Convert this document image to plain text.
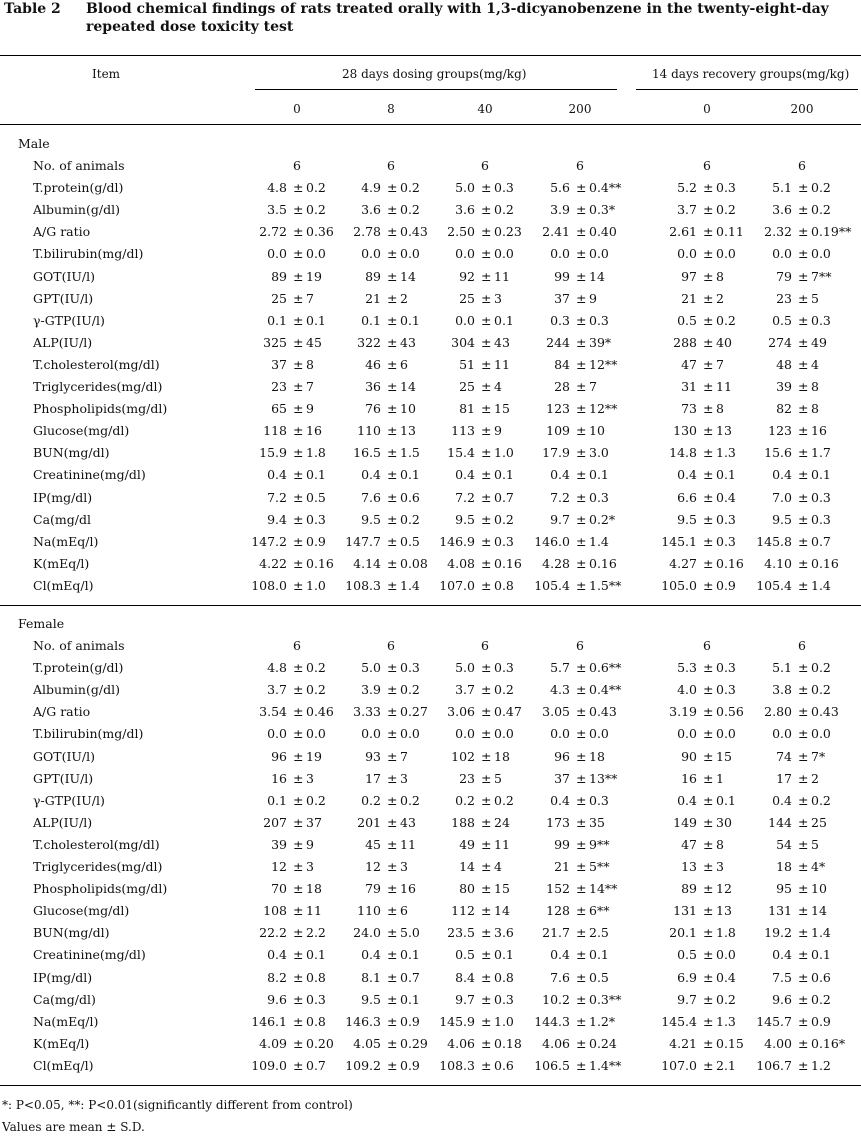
Table 2 Blood chemical findings of rats treated orally with 1,3-dicyanobenzene in the twenty-eight-day repeated dose toxicity test
Item	28 days dosing groups(mg/kg)	14 days recovery groups(mg/kg)
0	8	40	200	0	200
Male
No. of animals	6	6	6	6	6	6
T.protein(g/dl)	4.8 ± 0.2	4.9 ± 0.2	5.0 ± 0.3	5.6 ± 0.4**	5.2 ± 0.3	5.1 ± 0.2
Albumin(g/dl)	3.5 ± 0.2	3.6 ± 0.2	3.6 ± 0.2	3.9 ± 0.3*	3.7 ± 0.2	3.6 ± 0.2
A/G ratio	2.72 ± 0.36 2.78 ± 0.43 2.50 ± 0.23 2.41 ± 0.40	2.61 ± 0.11 2.32 ± 0.19**
T.bilirubin(mg/dl)	0.0 ± 0.0	0.0 ± 0.0	0.0 ± 0.0	0.0 ± 0.0	0.0 ± 0.0	0.0 ± 0.0
GOT(IU/l)	89 ± 19	89 ± 14	92 ± 11	99 ± 14	97 ± 8	79 ± 7**
GPT(IU/l)	25 ± 7	21 ± 2	25 ± 3	37 ± 9	21 ± 2	23 ± 5
γ-GTP(IU/l)	0.1 ± 0.1	0.1 ± 0.1	0.0 ± 0.1	0.3 ± 0.3	0.5 ± 0.2	0.5 ± 0.3
ALP(IU/l)	325 ± 45	322 ± 43	304 ± 43	244 ± 39*	288 ± 40	274 ± 49
T.cholesterol(mg/dl)	37 ± 8	46 ± 6	51 ± 11	84 ± 12**	47 ± 7	48 ± 4
Triglycerides(mg/dl)	23 ± 7	36 ± 14	25 ± 4	28 ± 7	31 ± 11	39 ± 8
Phospholipids(mg/dl)	65 ± 9	76 ± 10	81 ± 15	123 ± 12**	73 ± 8	82 ± 8
Glucose(mg/dl)	118 ± 16	110 ± 13	113 ± 9	109 ± 10	130 ± 13	123 ± 16
BUN(mg/dl)	15.9 ± 1.8 16.5 ± 1.5 15.4 ± 1.0 17.9 ± 3.0	14.8 ± 1.3 15.6 ± 1.7
Creatinine(mg/dl)	0.4 ± 0.1	0.4 ± 0.1	0.4 ± 0.1	0.4 ± 0.1	0.4 ± 0.1	0.4 ± 0.1
IP(mg/dl)	7.2 ± 0.5	7.6 ± 0.6	7.2 ± 0.7	7.2 ± 0.3	6.6 ± 0.4	7.0 ± 0.3
Ca(mg/dl	9.4 ± 0.3	9.5 ± 0.2	9.5 ± 0.2	9.7 ± 0.2*	9.5 ± 0.3	9.5 ± 0.3
Na(mEq/l)	147.2 ± 0.9 147.7 ± 0.5 146.9 ± 0.3 146.0 ± 1.4	145.1 ± 0.3 145.8 ± 0.7
K(mEq/l)	4.22 ± 0.16 4.14 ± 0.08 4.08 ± 0.16 4.28 ± 0.16	4.27 ± 0.16 4.10 ± 0.16
Cl(mEq/l)	108.0 ± 1.0 108.3 ± 1.4 107.0 ± 0.8 105.4 ± 1.5**	105.0 ± 0.9 105.4 ± 1.4
Female
No. of animals	6	6	6	6	6	6
T.protein(g/dl)	4.8 ± 0.2	5.0 ± 0.3	5.0 ± 0.3	5.7 ± 0.6**	5.3 ± 0.3	5.1 ± 0.2
Albumin(g/dl)	3.7 ± 0.2	3.9 ± 0.2	3.7 ± 0.2	4.3 ± 0.4**	4.0 ± 0.3	3.8 ± 0.2
A/G ratio	3.54 ± 0.46 3.33 ± 0.27 3.06 ± 0.47 3.05 ± 0.43	3.19 ± 0.56 2.80 ± 0.43
T.bilirubin(mg/dl)	0.0 ± 0.0	0.0 ± 0.0	0.0 ± 0.0	0.0 ± 0.0	0.0 ± 0.0	0.0 ± 0.0
GOT(IU/l)	96 ± 19	93 ± 7	102 ± 18	96 ± 18	90 ± 15	74 ± 7*
GPT(IU/l)	16 ± 3	17 ± 3	23 ± 5	37 ± 13**	16 ± 1	17 ± 2
γ-GTP(IU/l)	0.1 ± 0.2	0.2 ± 0.2	0.2 ± 0.2	0.4 ± 0.3	0.4 ± 0.1	0.4 ± 0.2
ALP(IU/l)	207 ± 37	201 ± 43	188 ± 24	173 ± 35	149 ± 30	144 ± 25
T.cholesterol(mg/dl)	39 ± 9	45 ± 11	49 ± 11	99 ± 9**	47 ± 8	54 ± 5
Triglycerides(mg/dl)	12 ± 3	12 ± 3	14 ± 4	21 ± 5**	13 ± 3	18 ± 4*
Phospholipids(mg/dl)	70 ± 18	79 ± 16	80 ± 15	152 ± 14**	89 ± 12	95 ± 10
Glucose(mg/dl)	108 ± 11	110 ± 6	112 ± 14	128 ± 6**	131 ± 13	131 ± 14
BUN(mg/dl)	22.2 ± 2.2 24.0 ± 5.0 23.5 ± 3.6 21.7 ± 2.5	20.1 ± 1.8 19.2 ± 1.4
Creatinine(mg/dl)	0.4 ± 0.1	0.4 ± 0.1	0.5 ± 0.1	0.4 ± 0.1	0.5 ± 0.0	0.4 ± 0.1
IP(mg/dl)	8.2 ± 0.8	8.1 ± 0.7	8.4 ± 0.8	7.6 ± 0.5	6.9 ± 0.4	7.5 ± 0.6
Ca(mg/dl)	9.6 ± 0.3	9.5 ± 0.1	9.7 ± 0.3 10.2 ± 0.3**	9.7 ± 0.2	9.6 ± 0.2
Na(mEq/l)	146.1 ± 0.8 146.3 ± 0.9 145.9 ± 1.0 144.3 ± 1.2*	145.4 ± 1.3 145.7 ± 0.9
K(mEq/l)	4.09 ± 0.20 4.05 ± 0.29 4.06 ± 0.18 4.06 ± 0.24	4.21 ± 0.15 4.00 ± 0.16*
Cl(mEq/l)	109.0 ± 0.7 109.2 ± 0.9 108.3 ± 0.6 106.5 ± 1.4**	107.0 ± 2.1 106.7 ± 1.2
*: P<0.05, **: P<0.01(significantly different from control)
Values are mean ± S.D.
